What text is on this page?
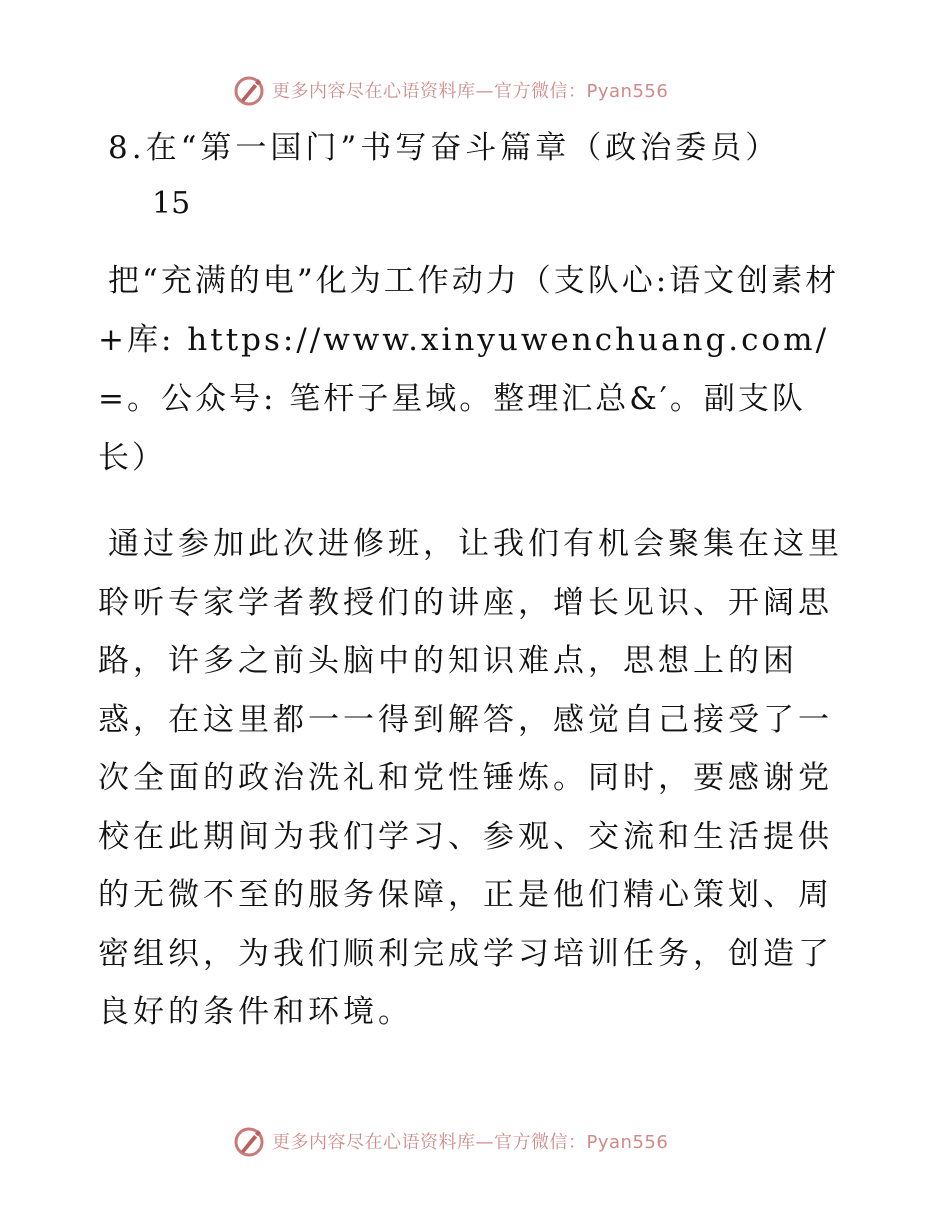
更多内容尽在心语资料库—官方微信：Pyan556
8.在“第一国门”书写奋斗篇章（政治委员）
15

把“充满的电”化为工作动力（支队心:语文创素材+库: https://www.xinyuwenchuang.com/=。公众号: 笔杆子星域。整理汇总&′。副支队长）

通过参加此次进修班，让我们有机会聚集在这里聆听专家学者教授们的讲座，增长见识、开阔思路，许多之前头脑中的知识难点，思想上的困惑，在这里都一一得到解答，感觉自己接受了一次全面的政治洗礼和党性锤炼。同时，要感谢党校在此期间为我们学习、参观、交流和生活提供的无微不至的服务保障，正是他们精心策划、周密组织，为我们顺利完成学习培训任务，创造了良好的条件和环境。

更多内容尽在心语资料库—官方微信：Pyan556
